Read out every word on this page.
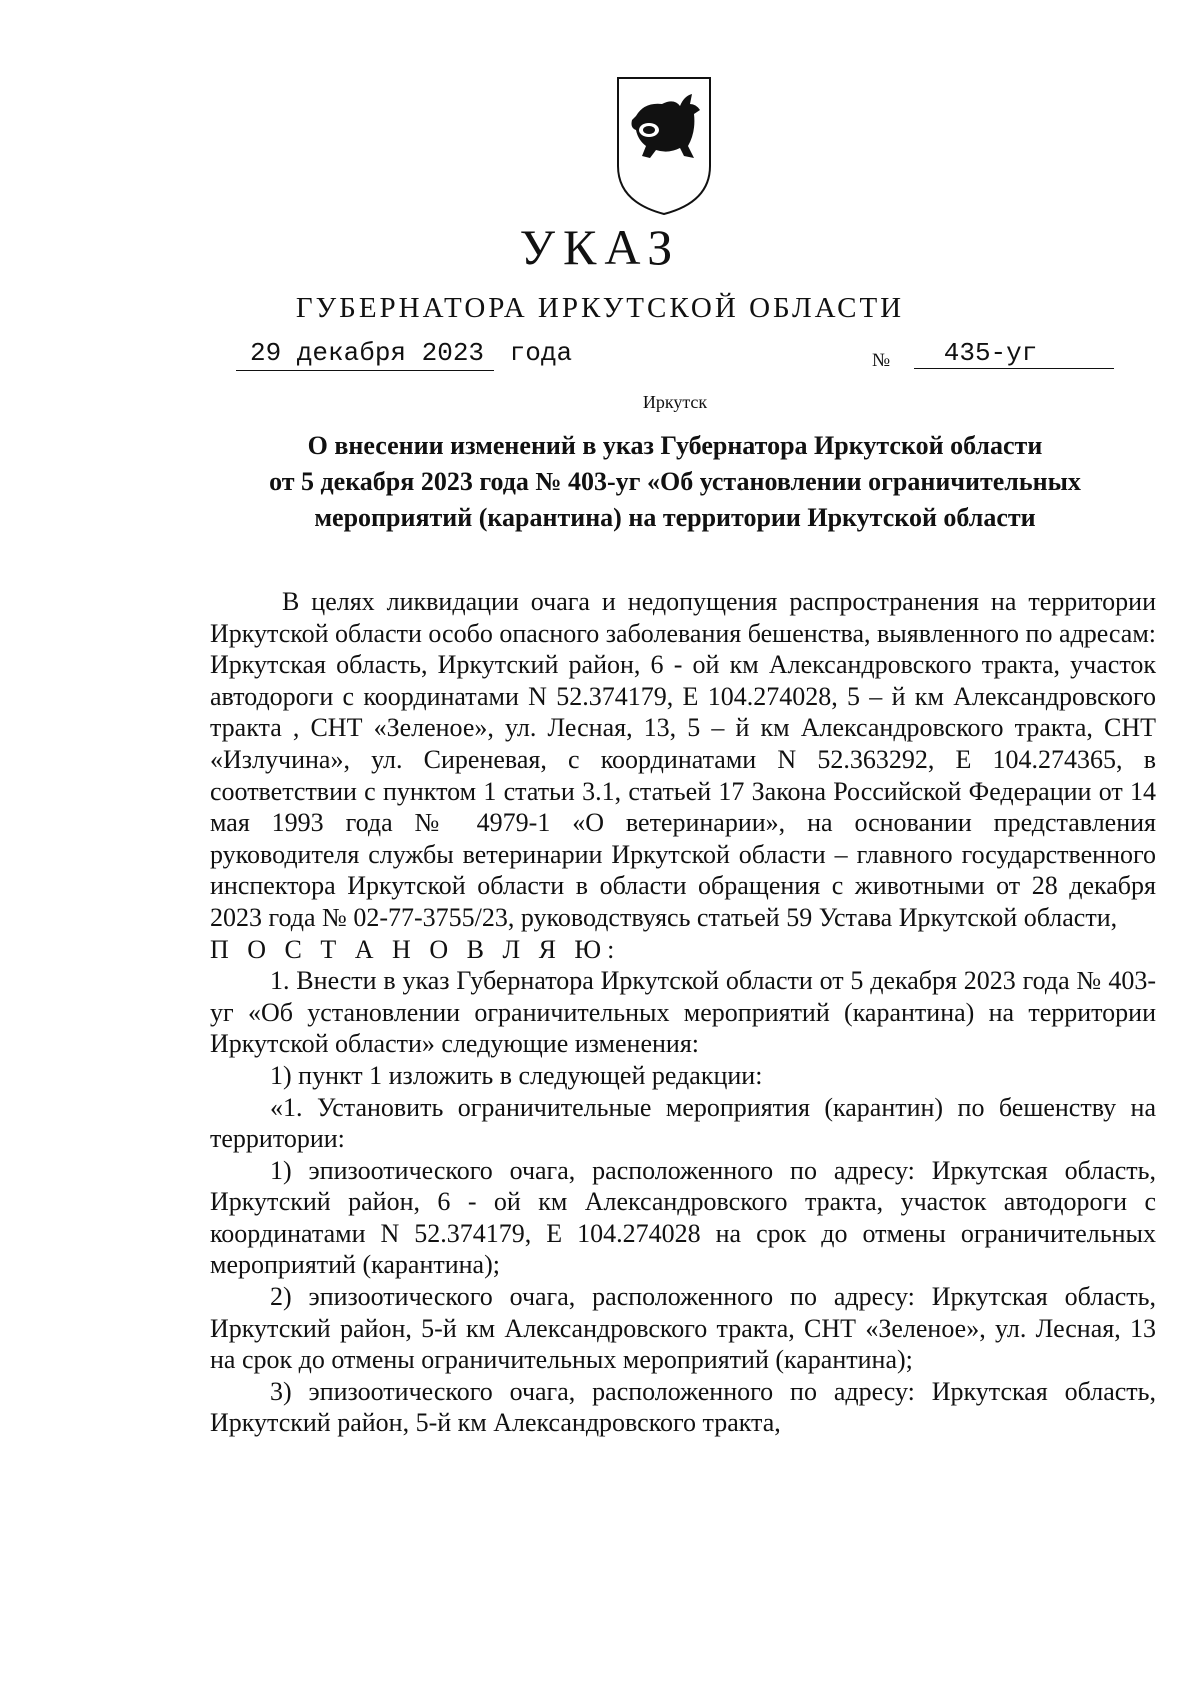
УКАЗ
ГУБЕРНАТОРА ИРКУТСКОЙ ОБЛАСТИ
29 декабря 2023 года	$_№$ 435-уг
Иркутск
О внесении изменений в указ Губернатора Иркутской области
от 5 декабря 2023 года № 403-уг «Об установлении ограничительных
мероприятий (карантина) на территории Иркутской области

В целях ликвидации очага и недопущения распространения на территории Иркутской области особо опасного заболевания бешенства, выявленного по адресам: Иркутская область, Иркутский район, 6 - ой км Александровского тракта, участок автодороги с координатами N 52.374179, Е 104.274028, 5 – й км Александровского тракта , СНТ «Зеленое», ул. Лесная, 13, 5 – й км Александровского тракта, СНТ «Излучина», ул. Сиреневая, с координатами N 52.363292, Е 104.274365, в соответствии с пунктом 1 статьи 3.1, статьей 17 Закона Российской Федерации от 14 мая 1993 года № 4979-1 «О ветеринарии», на основании представления руководителя службы ветеринарии Иркутской области – главного государственного инспектора Иркутской области в области обращения с животными от 28 декабря 2023 года № 02-77-3755/23, руководствуясь статьей 59 Устава Иркутской области,

П О С Т А Н О В Л Я Ю:

1. Внести в указ Губернатора Иркутской области от 5 декабря 2023 года № 403-уг «Об установлении ограничительных мероприятий (карантина) на территории Иркутской области» следующие изменения:

1) пункт 1 изложить в следующей редакции:

«1. Установить ограничительные мероприятия (карантин) по бешенству на территории:

1) эпизоотического очага, расположенного по адресу: Иркутская область, Иркутский район, 6 - ой км Александровского тракта, участок автодороги с координатами N 52.374179, Е 104.274028 на срок до отмены ограничительных мероприятий (карантина);

2) эпизоотического очага, расположенного по адресу: Иркутская область, Иркутский район, 5-й км Александровского тракта, СНТ «Зеленое», ул. Лесная, 13 на срок до отмены ограничительных мероприятий (карантина);

3) эпизоотического очага, расположенного по адресу: Иркутская область, Иркутский район, 5-й км Александровского тракта,
